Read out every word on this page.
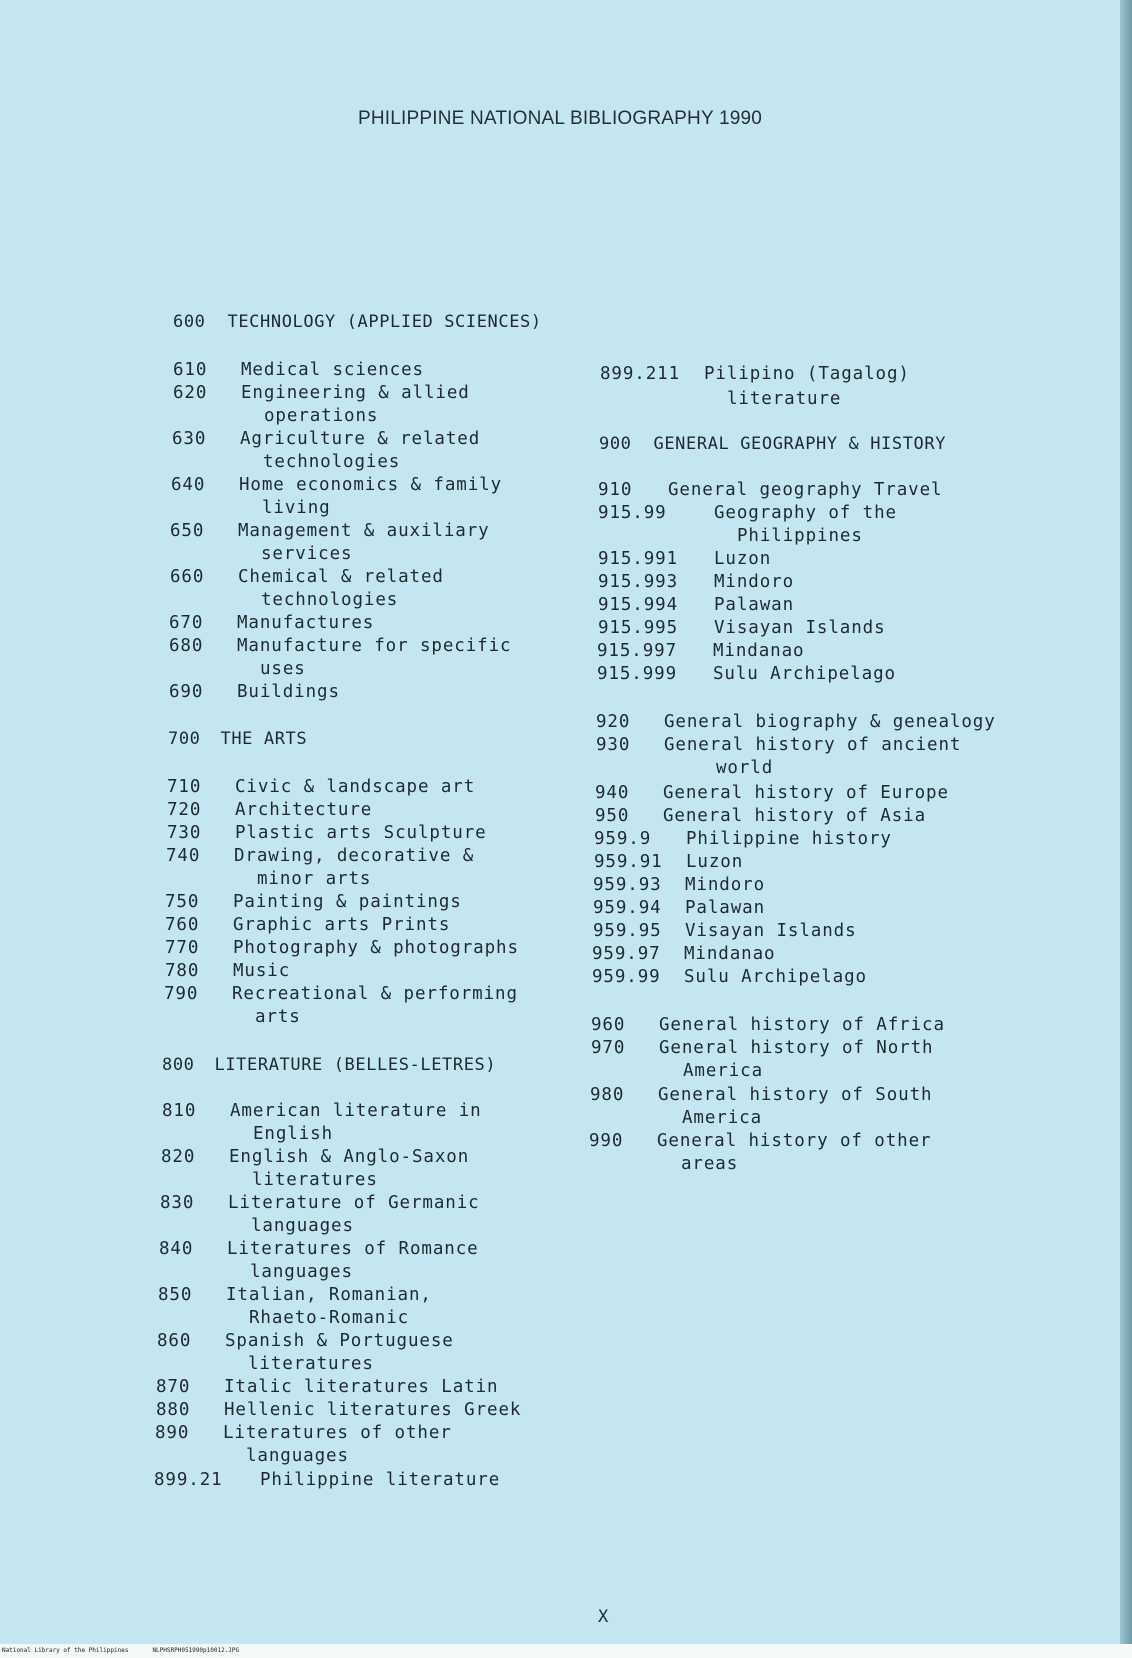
PHILIPPINE NATIONAL BIBLIOGRAPHY 1990
600 TECHNOLOGY (APPLIED SCIENCES)
610 Medical sciences
620 Engineering & allied
operations
630 Agriculture & related
technologies
640 Home economics & family
living
650 Management & auxiliary
services
660 Chemical & related
technologies
670 Manufactures
680 Manufacture for specific
uses
690 Buildings
700 THE ARTS
710 Civic & landscape art
720 Architecture
730 Plastic arts Sculpture
740 Drawing, decorative &
minor arts
750 Painting & paintings
760 Graphic arts Prints
770 Photography & photographs
780 Music
790 Recreational & performing
arts
800 LITERATURE (BELLES-LETRES)
810 American literature in
English
820 English & Anglo-Saxon
literatures
830 Literature of Germanic
languages
840 Literatures of Romance
languages
850 Italian, Romanian,
Rhaeto-Romanic
860 Spanish & Portuguese
literatures
870 Italic literatures Latin
880 Hellenic literatures Greek
890 Literatures of other
languages
899.21 Philippine literature
899.211 Pilipino (Tagalog)
literature
900 GENERAL GEOGRAPHY & HISTORY
910 General geography Travel
915.99	Geography of the
Philippines
915.991 Luzon
915.993 Mindoro
915.994 Palawan
915.995 Visayan Islands
915.997 Mindanao
915.999 Sulu Archipelago
920 General biography & genealogy
930 General history of ancient
world
940 General history of Europe
950 General history of Asia
959.9 Philippine history
959.91 Luzon
959.93 Mindoro
959.94 Palawan
959.95 Visayan Islands
959.97 Mindanao
959.99 Sulu Archipelago
960 General history of Africa
970 General history of North
America
980 General history of South
America
990 General history of other
areas
X
National Library of the Philippines	NLPHSRPH051990p10012.JPG
